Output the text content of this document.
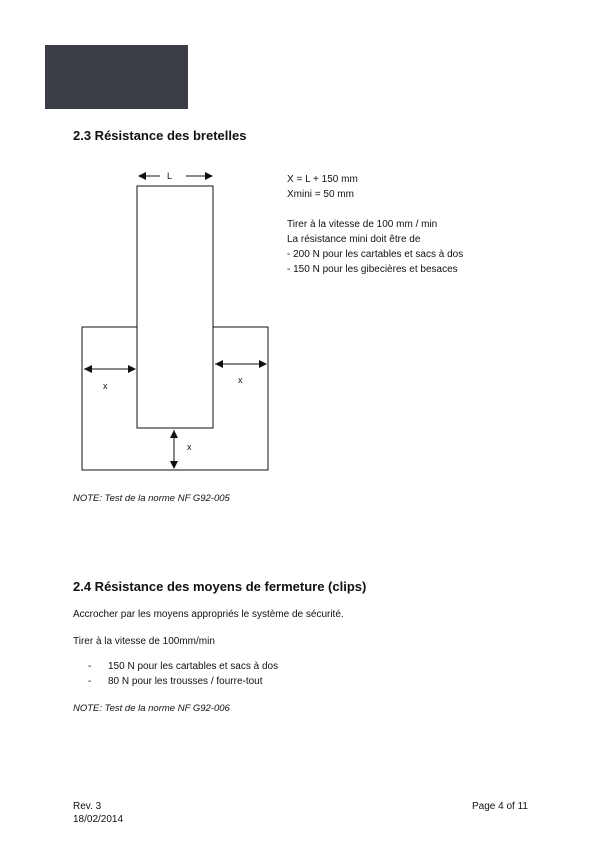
2.3 Résistance des bretelles
L
x
x
x
X = L + 150 mm
Xmini = 50 mm
Tirer à la vitesse de 100 mm / min
La résistance mini doit être de
- 200 N pour les cartables et sacs à dos
- 150 N pour les gibecières et besaces

NOTE: Test de la norme NF G92-005

2.4 Résistance des moyens de fermeture (clips)

Accrocher par les moyens appropriés le système de sécurité.

Tirer à la vitesse de 100mm/min

- 150 N pour les cartables et sacs à dos
- 80 N pour les trousses / fourre-tout

NOTE: Test de la norme NF G92-006

Rev. 3
18/02/2014
Page 4 of 11
